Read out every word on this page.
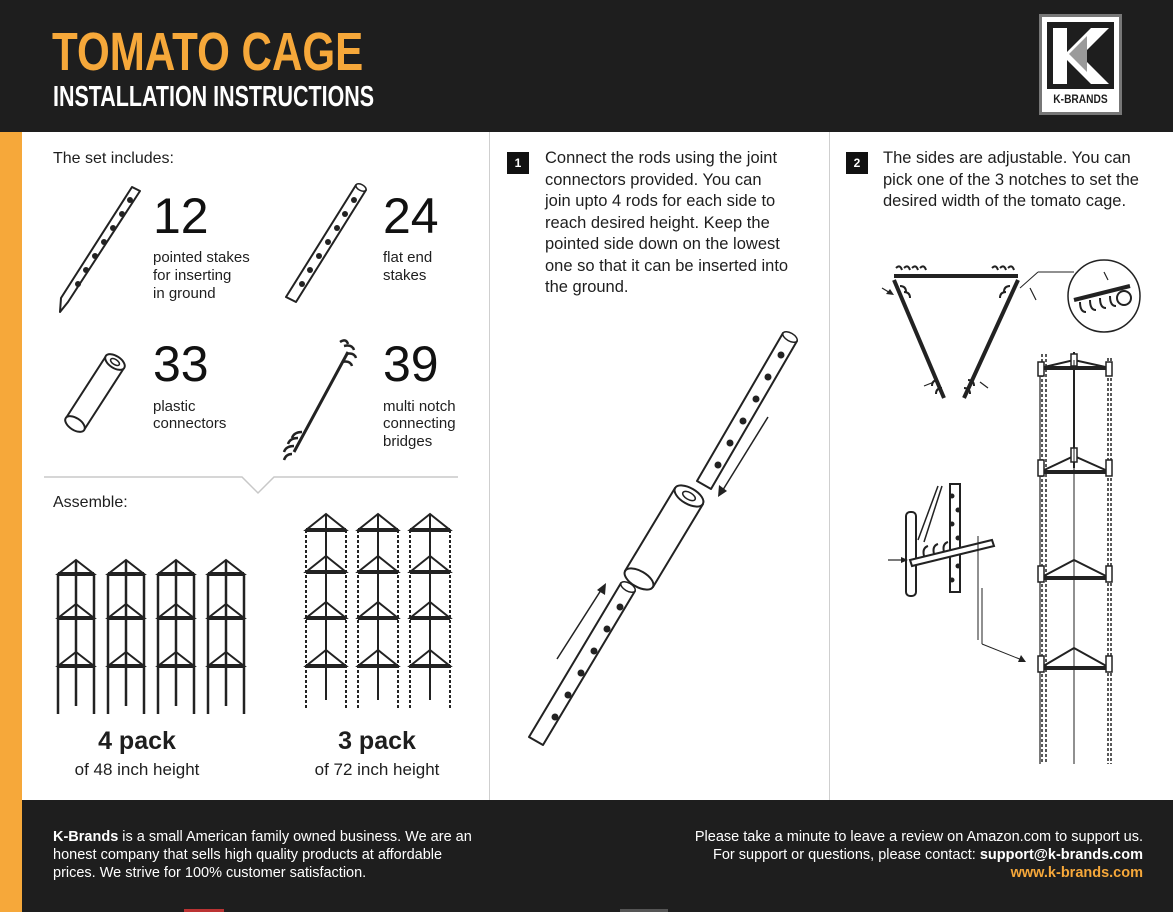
TOMATO CAGE
INSTALLATION INSTRUCTIONS	K-BRANDS
The set includes:
12
pointed stakes
for inserting
in ground
24
flat end
stakes
33
plastic
connectors
39
multi notch
connecting
bridges
Assemble:
4 pack
of 48 inch height
3 pack
of 72 inch height
1	Connect the rods using the joint
connectors provided. You can
join upto 4 rods for each side to
reach desired height. Keep the
pointed side down on the lowest
one so that it can be inserted into
the ground.
2	The sides are adjustable. You can
pick one of the 3 notches to set the
desired width of the tomato cage.
K-Brands is a small American family owned business. We are an
honest company that sells high quality products at affordable
prices. We strive for 100% customer satisfaction.
Please take a minute to leave a review on Amazon.com to support us.
For support or questions, please contact: support@k-brands.com
www.k-brands.com
